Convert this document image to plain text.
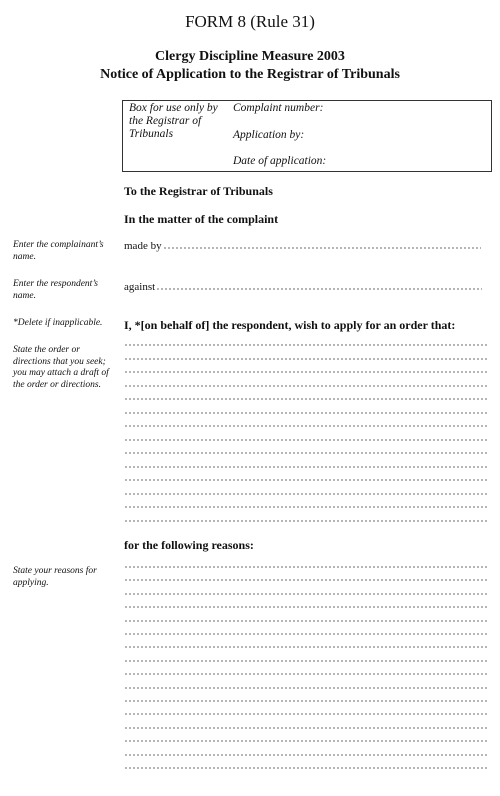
FORM 8 (Rule 31)
Clergy Discipline Measure 2003
Notice of Application to the Registrar of Tribunals
Box for use only by the Registrar of Tribunals
Complaint number:
Application by:
Date of application:
To the Registrar of Tribunals
In the matter of the complaint
Enter the complainant’s name.
made by
Enter the respondent’s name.
against
*Delete if inapplicable.	I, *[on behalf of] the respondent, wish to apply for an order that:
State the order or directions that you seek; you may attach a draft of the order or directions.
for the following reasons:
State your reasons for applying.
